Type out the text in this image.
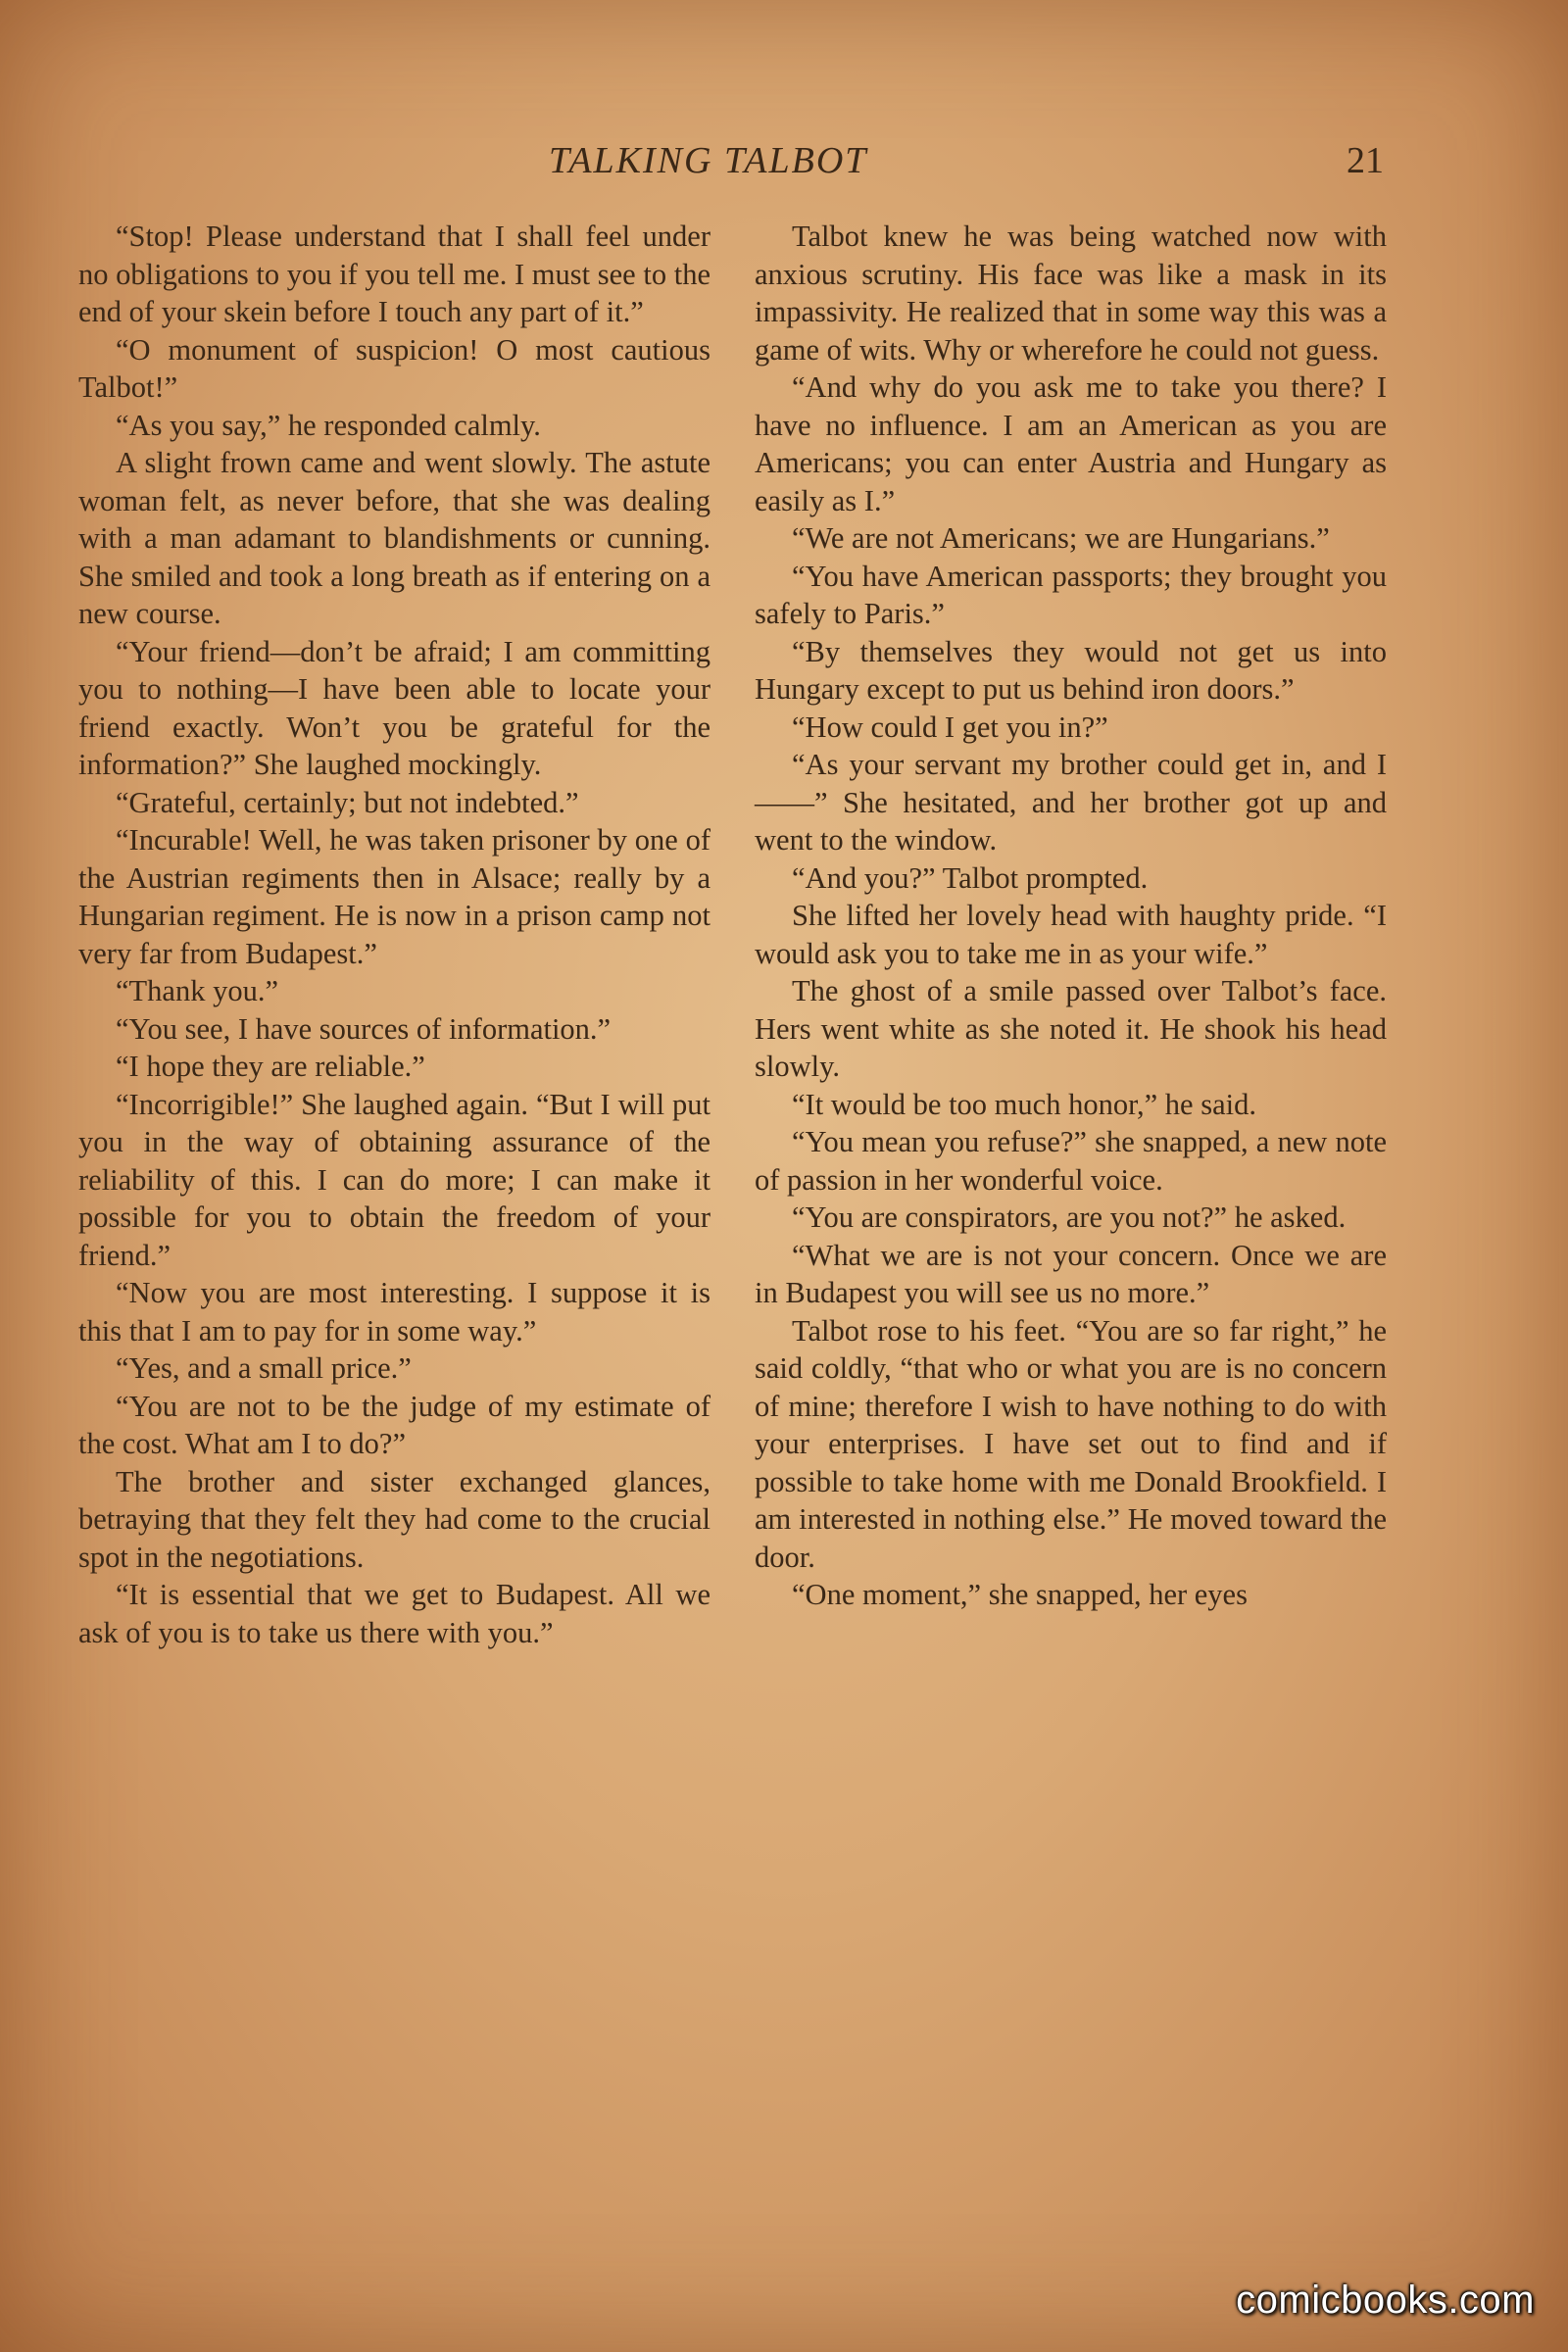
TALKING TALBOT	21

“Stop! Please understand that I shall feel under no obligations to you if you tell me. I must see to the end of your skein before I touch any part of it.”

“O monument of suspicion! O most cautious Talbot!”

“As you say,” he responded calmly.

A slight frown came and went slowly. The astute woman felt, as never before, that she was dealing with a man adamant to blandishments or cunning. She smiled and took a long breath as if entering on a new course.

“Your friend—don’t be afraid; I am committing you to nothing—I have been able to locate your friend exactly. Won’t you be grateful for the information?” She laughed mockingly.

“Grateful, certainly; but not indebted.”

“Incurable! Well, he was taken prisoner by one of the Austrian regiments then in Alsace; really by a Hungarian regiment. He is now in a prison camp not very far from Budapest.”

“Thank you.”

“You see, I have sources of information.”

“I hope they are reliable.”

“Incorrigible!” She laughed again. “But I will put you in the way of obtaining assurance of the reliability of this. I can do more; I can make it possible for you to obtain the freedom of your friend.”

“Now you are most interesting. I suppose it is this that I am to pay for in some way.”

“Yes, and a small price.”

“You are not to be the judge of my estimate of the cost. What am I to do?”

The brother and sister exchanged glances, betraying that they felt they had come to the crucial spot in the negotiations.

“It is essential that we get to Budapest. All we ask of you is to take us there with you.”

Talbot knew he was being watched now with anxious scrutiny. His face was like a mask in its impassivity. He realized that in some way this was a game of wits. Why or wherefore he could not guess.

“And why do you ask me to take you there? I have no influence. I am an American as you are Americans; you can enter Austria and Hungary as easily as I.”

“We are not Americans; we are Hungarians.”

“You have American passports; they brought you safely to Paris.”

“By themselves they would not get us into Hungary except to put us behind iron doors.”

“How could I get you in?”

“As your servant my brother could get in, and I——” She hesitated, and her brother got up and went to the window.

“And you?” Talbot prompted.

She lifted her lovely head with haughty pride. “I would ask you to take me in as your wife.”

The ghost of a smile passed over Talbot’s face. Hers went white as she noted it. He shook his head slowly.

“It would be too much honor,” he said.

“You mean you refuse?” she snapped, a new note of passion in her wonderful voice.

“You are conspirators, are you not?” he asked.

“What we are is not your concern. Once we are in Budapest you will see us no more.”

Talbot rose to his feet. “You are so far right,” he said coldly, “that who or what you are is no concern of mine; therefore I wish to have nothing to do with your enterprises. I have set out to find and if possible to take home with me Donald Brookfield. I am interested in nothing else.” He moved toward the door.

“One moment,” she snapped, her eyes

comicbooks.com
